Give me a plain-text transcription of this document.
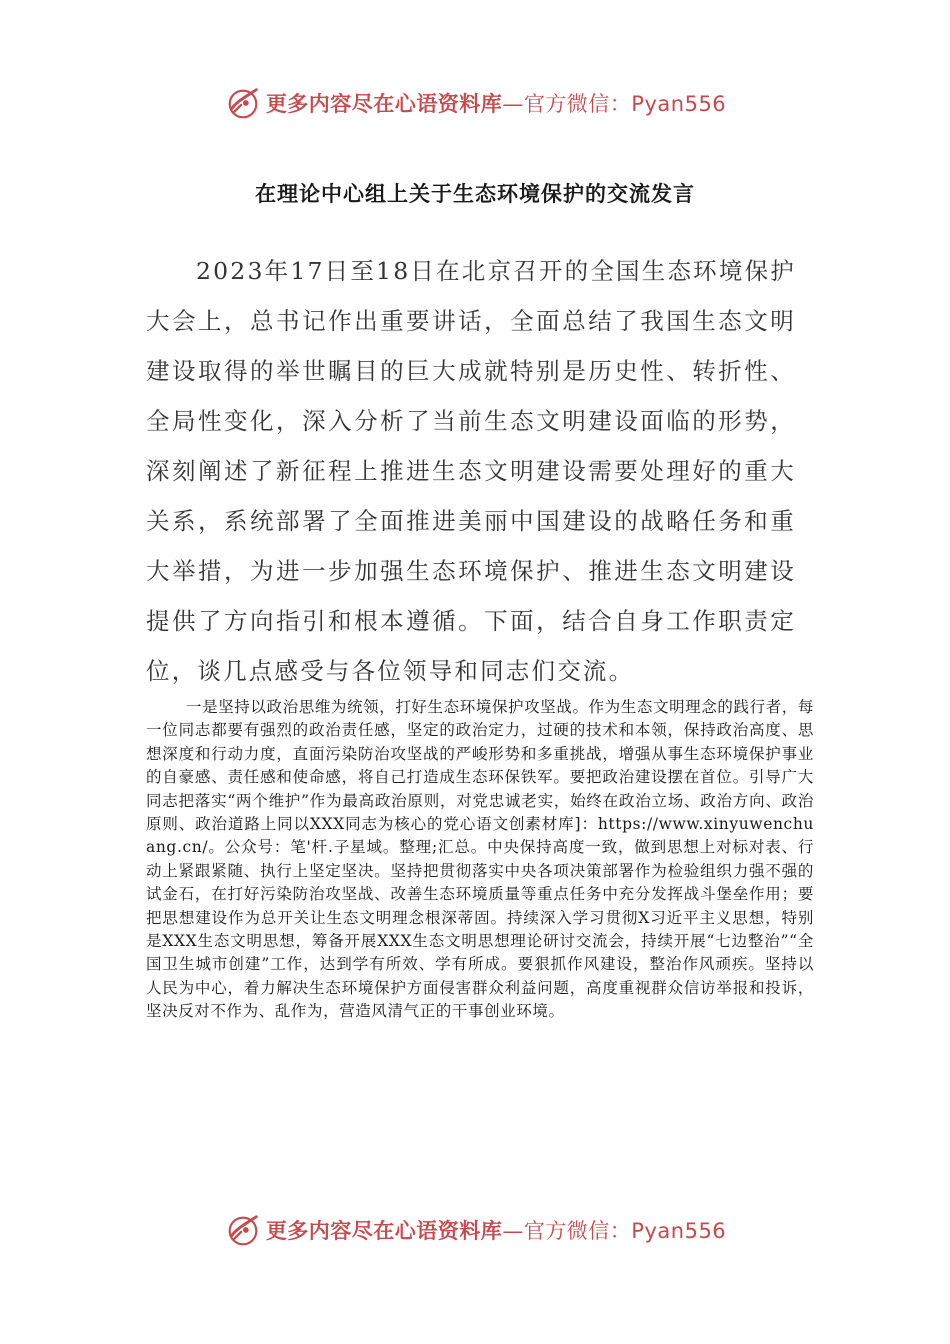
更多内容尽在心语资料库—官方微信：Pyan556
在理论中心组上关于生态环境保护的交流发言

2023年17日至18日在北京召开的全国生态环境保护大会上，总书记作出重要讲话，全面总结了我国生态文明建设取得的举世瞩目的巨大成就特别是历史性、转折性、全局性变化，深入分析了当前生态文明建设面临的形势，深刻阐述了新征程上推进生态文明建设需要处理好的重大关系，系统部署了全面推进美丽中国建设的战略任务和重大举措，为进一步加强生态环境保护、推进生态文明建设提供了方向指引和根本遵循。下面，结合自身工作职责定位，谈几点感受与各位领导和同志们交流。

一是坚持以政治思维为统领，打好生态环境保护攻坚战。作为生态文明理念的践行者，每一位同志都要有强烈的政治责任感，坚定的政治定力，过硬的技术和本领，保持政治高度、思想深度和行动力度，直面污染防治攻坚战的严峻形势和多重挑战，增强从事生态环境保护事业的自豪感、责任感和使命感，将自己打造成生态环保铁军。要把政治建设摆在首位。引导广大同志把落实“两个维护”作为最高政治原则，对党忠诚老实，始终在政治立场、政治方向、政治原则、政治道路上同以XXX同志为核心的党心语文创素材库]：https://www.xinyuwenchuang.cn/。公众号：笔'杆.子星域。整理;汇总。中央保持高度一致，做到思想上对标对表、行动上紧跟紧随、执行上坚定坚决。坚持把贯彻落实中央各项决策部署作为检验组织力强不强的试金石，在打好污染防治攻坚战、改善生态环境质量等重点任务中充分发挥战斗堡垒作用；要把思想建设作为总开关让生态文明理念根深蒂固。持续深入学习贯彻X习近平主义思想，特别是XXX生态文明思想，筹备开展XXX生态文明思想理论研讨交流会，持续开展“七边整治”“全国卫生城市创建”工作，达到学有所效、学有所成。要狠抓作风建设，整治作风顽疾。坚持以人民为中心，着力解决生态环境保护方面侵害群众利益问题，高度重视群众信访举报和投诉，坚决反对不作为、乱作为，营造风清气正的干事创业环境。

更多内容尽在心语资料库—官方微信：Pyan556
